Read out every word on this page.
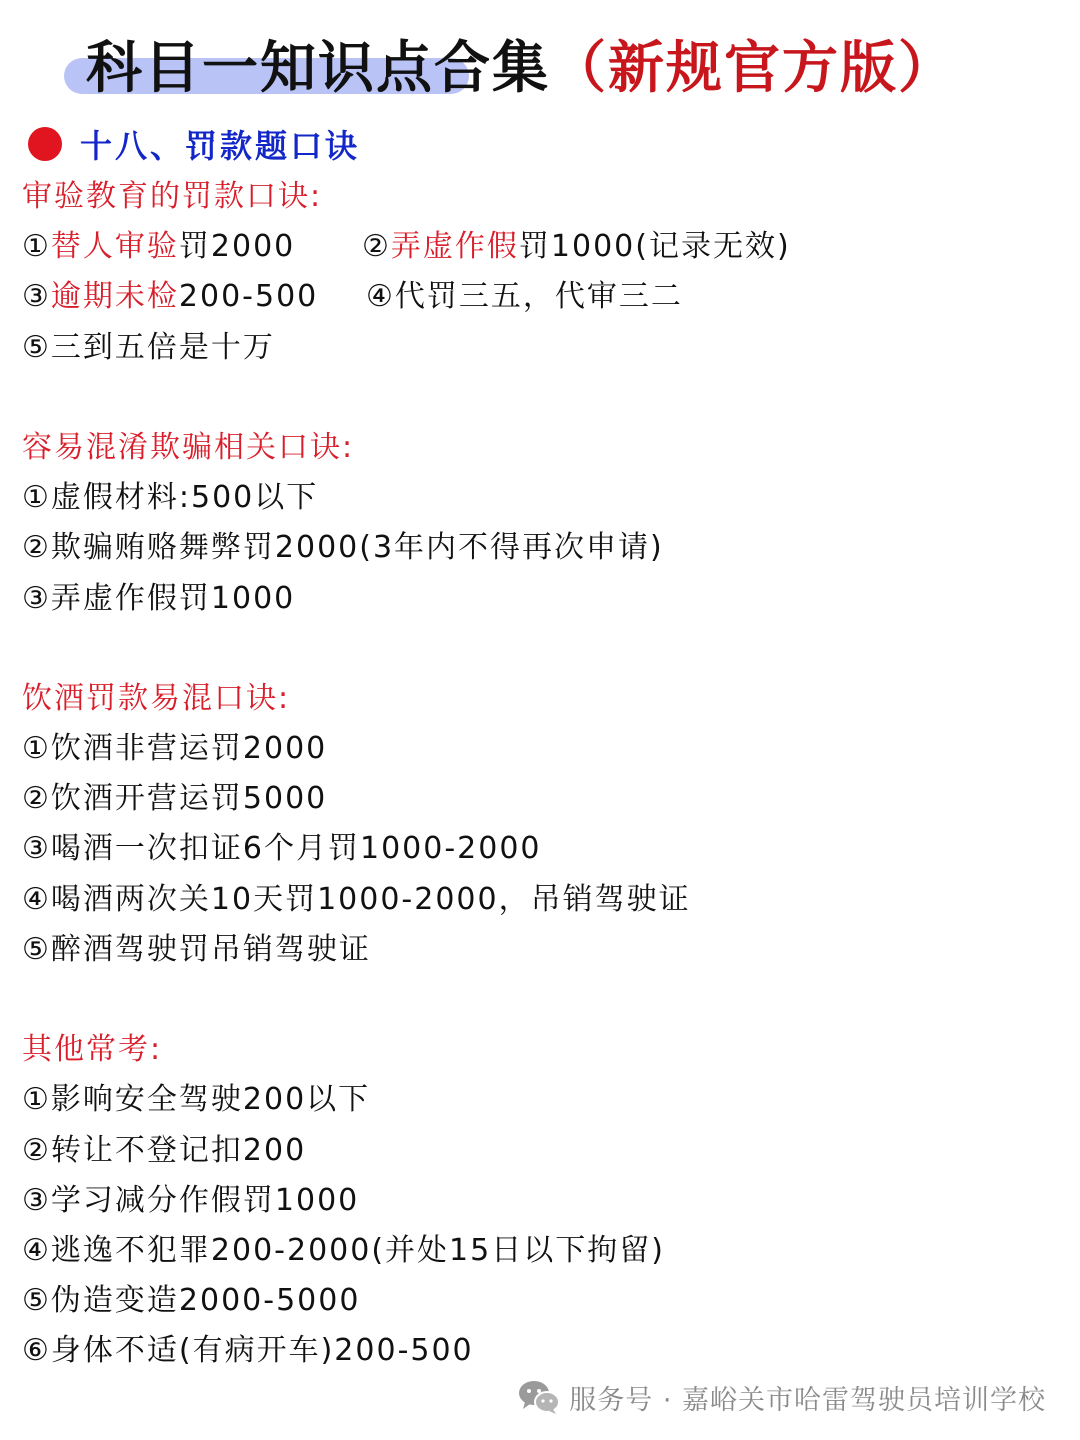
科目一知识点合集（新规官方版）
十八、罚款题口诀
审验教育的罚款口诀:
①替人审验罚2000 ②弄虚作假罚1000(记录无效)
③逾期未检200-500 ④代罚三五，代审三二
⑤三到五倍是十万
容易混淆欺骗相关口诀:
①虚假材料:500以下
②欺骗贿赂舞弊罚2000(3年内不得再次申请)
③弄虚作假罚1000
饮酒罚款易混口诀:
①饮酒非营运罚2000
②饮酒开营运罚5000
③喝酒一次扣证6个月罚1000-2000
④喝酒两次关10天罚1000-2000，吊销驾驶证
⑤醉酒驾驶罚吊销驾驶证
其他常考:
①影响安全驾驶200以下
②转让不登记扣200
③学习减分作假罚1000
④逃逸不犯罪200-2000(并处15日以下拘留)
⑤伪造变造2000-5000
⑥身体不适(有病开车)200-500
服务号 · 嘉峪关市哈雷驾驶员培训学校
